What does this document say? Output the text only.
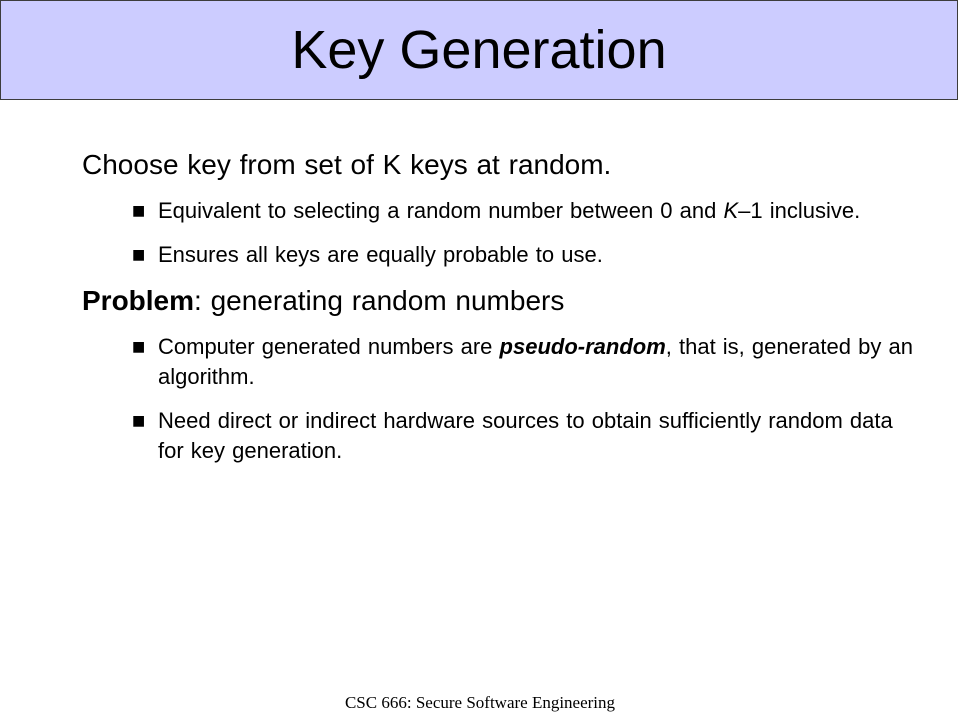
Key Generation

Choose key from set of K keys at random.

■ Equivalent to selecting a random number between 0 and K–1 inclusive.

■ Ensures all keys are equally probable to use.

Problem: generating random numbers

■ Computer generated numbers are pseudo-random, that is, generated by an algorithm.

■ Need direct or indirect hardware sources to obtain sufficiently random data for key generation.

CSC 666: Secure Software Engineering
